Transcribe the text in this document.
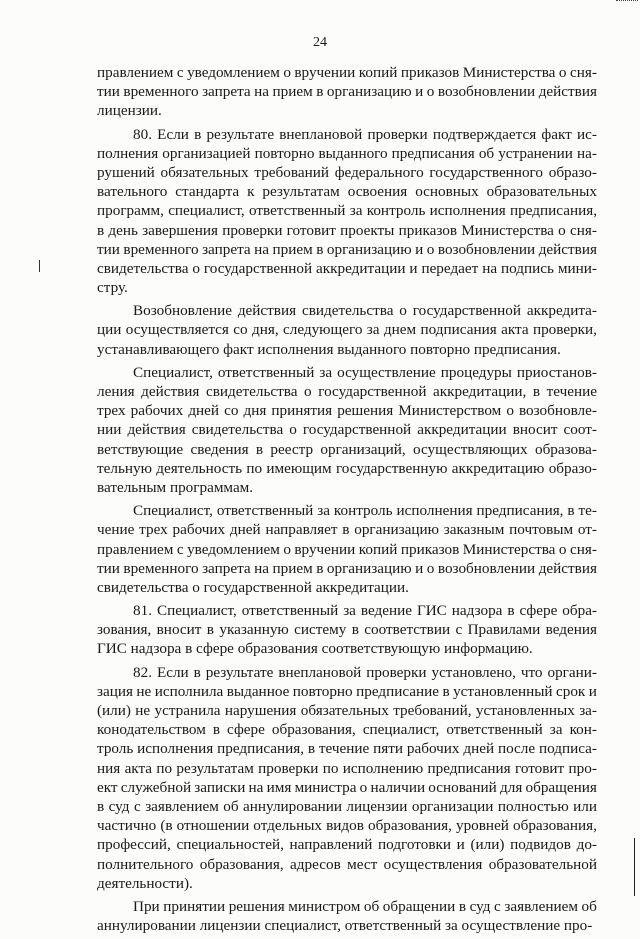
24
правлением с уведомлением о вручении копий приказов Министерства о сня-
тии временного запрета на прием в организацию и о возобновлении действия
лицензии.
80. Если в результате внеплановой проверки подтверждается факт ис-
полнения организацией повторно выданного предписания об устранении на-
рушений обязательных требований федерального государственного образо-
вательного стандарта к результатам освоения основных образовательных
программ, специалист, ответственный за контроль исполнения предписания,
в день завершения проверки готовит проекты приказов Министерства о сня-
тии временного запрета на прием в организацию и о возобновлении действия
свидетельства о государственной аккредитации и передает на подпись мини-
стру.
Возобновление действия свидетельства о государственной аккредита-
ции осуществляется со дня, следующего за днем подписания акта проверки,
устанавливающего факт исполнения выданного повторно предписания.
Специалист, ответственный за осуществление процедуры приостанов-
ления действия свидетельства о государственной аккредитации, в течение
трех рабочих дней со дня принятия решения Министерством о возобновле-
нии действия свидетельства о государственной аккредитации вносит соот-
ветствующие сведения в реестр организаций, осуществляющих образова-
тельную деятельность по имеющим государственную аккредитацию образо-
вательным программам.
Специалист, ответственный за контроль исполнения предписания, в те-
чение трех рабочих дней направляет в организацию заказным почтовым от-
правлением с уведомлением о вручении копий приказов Министерства о сня-
тии временного запрета на прием в организацию и о возобновлении действия
свидетельства о государственной аккредитации.
81. Специалист, ответственный за ведение ГИС надзора в сфере обра-
зования, вносит в указанную систему в соответствии с Правилами ведения
ГИС надзора в сфере образования соответствующую информацию.
82. Если в результате внеплановой проверки установлено, что органи-
зация не исполнила выданное повторно предписание в установленный срок и
(или) не устранила нарушения обязательных требований, установленных за-
конодательством в сфере образования, специалист, ответственный за кон-
троль исполнения предписания, в течение пяти рабочих дней после подписа-
ния акта по результатам проверки по исполнению предписания готовит про-
ект служебной записки на имя министра о наличии оснований для обращения
в суд с заявлением об аннулировании лицензии организации полностью или
частично (в отношении отдельных видов образования, уровней образования,
профессий, специальностей, направлений подготовки и (или) подвидов до-
полнительного образования, адресов мест осуществления образовательной
деятельности).
При принятии решения министром об обращении в суд с заявлением об
аннулировании лицензии специалист, ответственный за осуществление про-
